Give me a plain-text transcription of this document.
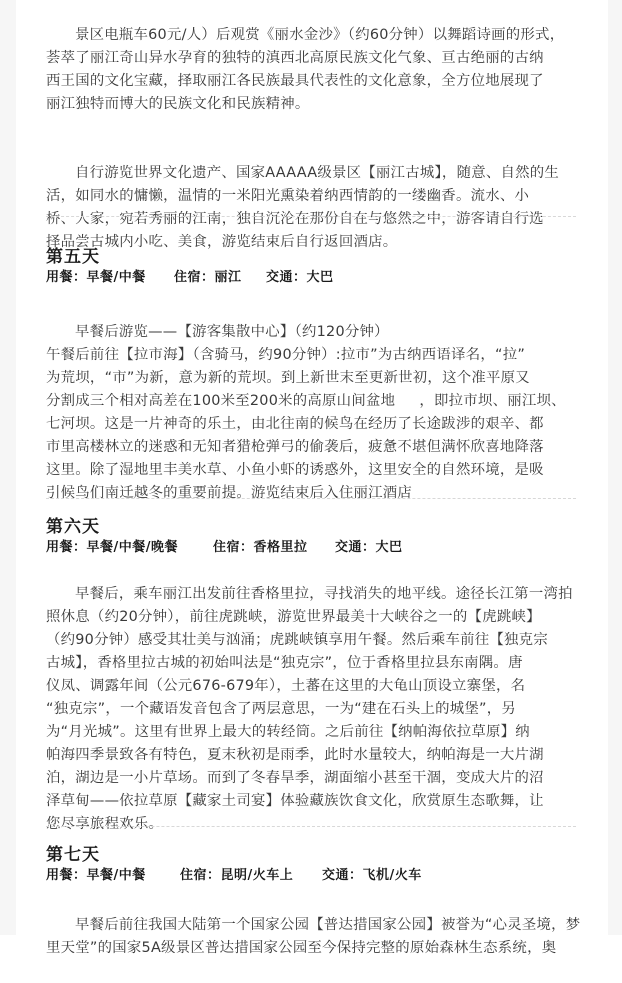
景区电瓶车60元/人）后观赏《丽水金沙》（约60分钟）以舞蹈诗画的形式，
荟萃了丽江奇山异水孕育的独特的滇西北高原民族文化气象、亘古绝丽的古纳
西王国的文化宝藏，择取丽江各民族最具代表性的文化意象，全方位地展现了
丽江独特而博大的民族文化和民族精神。

自行游览世界文化遗产、国家AAAAA级景区【丽江古城】，随意、自然的生
活，如同水的慵懒，温情的一米阳光熏染着纳西情韵的一缕幽香。流水、小
桥、人家，宛若秀丽的江南，独自沉沦在那份自在与悠然之中，游客请自行选
择品尝古城内小吃、美食，游览结束后自行返回酒店。

第五天
用餐：早餐/中餐 住宿：丽江 交通：大巴

早餐后游览——【游客集散中心】（约120分钟）
午餐后前往【拉市海】（含骑马，约90分钟）:拉市”为古纳西语译名，“拉”
为荒坝，“市”为新，意为新的荒坝。到上新世末至更新世初，这个准平原又
分割成三个相对高差在100米至200米的高原山间盆地     ，即拉市坝、丽江坝、
七河坝。这是一片神奇的乐土，由北往南的候鸟在经历了长途跋涉的艰辛、都
市里高楼林立的迷惑和无知者猎枪弹弓的偷袭后，疲惫不堪但满怀欣喜地降落
这里。除了湿地里丰美水草、小鱼小虾的诱惑外，这里安全的自然环境，是吸
引候鸟们南迁越冬的重要前提。游览结束后入住丽江酒店

第六天
用餐：早餐/中餐/晚餐	住宿：香格里拉 交通：大巴

早餐后，乘车丽江出发前往香格里拉，寻找消失的地平线。途径长江第一湾拍
照休息（约20分钟），前往虎跳峡，游览世界最美十大峡谷之一的【虎跳峡】
（约90分钟）感受其壮美与汹涌；虎跳峡镇享用午餐。然后乘车前往【独克宗
古城】，香格里拉古城的初始叫法是“独克宗”，位于香格里拉县东南隅。唐
仪凤、调露年间（公元676-679年），土蕃在这里的大龟山顶设立寨堡，名
“独克宗”，一个藏语发音包含了两层意思，一为“建在石头上的城堡”，另
为“月光城”。这里有世界上最大的转经筒。之后前往【纳帕海依拉草原】纳
帕海四季景致各有特色，夏末秋初是雨季，此时水量较大，纳帕海是一大片湖
泊，湖边是一小片草场。而到了冬春旱季，湖面缩小甚至干涸，变成大片的沼
泽草甸——依拉草原【藏家土司宴】体验藏族饮食文化，欣赏原生态歌舞，让
您尽享旅程欢乐。

第七天
用餐：早餐/中餐	住宿：昆明/火车上 交通：飞机/火车

早餐后前往我国大陆第一个国家公园【普达措国家公园】被誉为“心灵圣境，梦
里天堂”的国家5A级景区普达措国家公园至今保持完整的原始森林生态系统，奥
